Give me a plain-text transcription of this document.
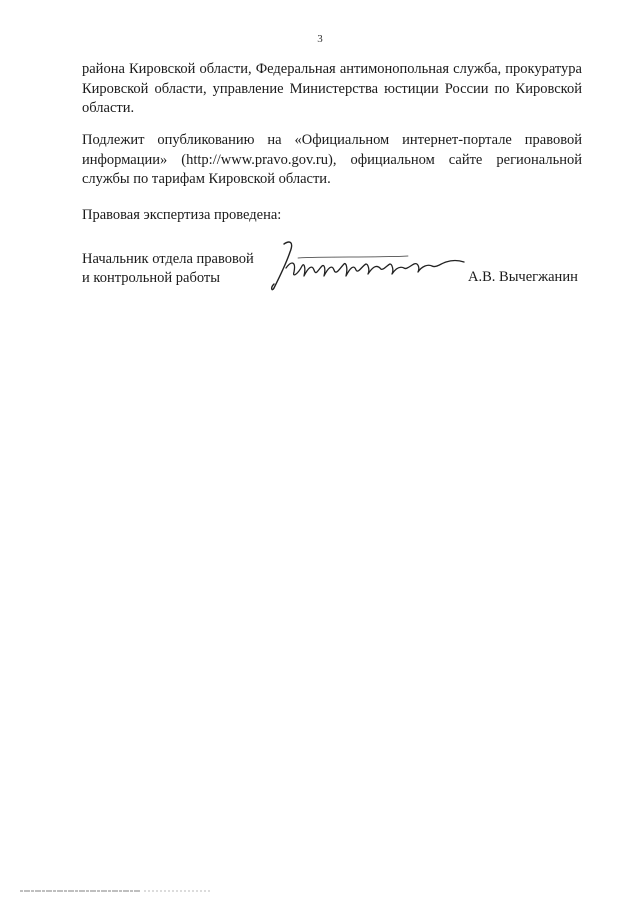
3

района Кировской области, Федеральная антимонопольная служба, прокуратура Кировской области, управление Министерства юстиции России по Кировской области.

Подлежит опубликованию на «Официальном интернет-портале правовой информации» (http://www.pravo.gov.ru), официальном сайте региональной службы по тарифам Кировской области.

Правовая экспертиза проведена:

Начальник отдела правовой
и контрольной работы	А.В. Вычегжанин
